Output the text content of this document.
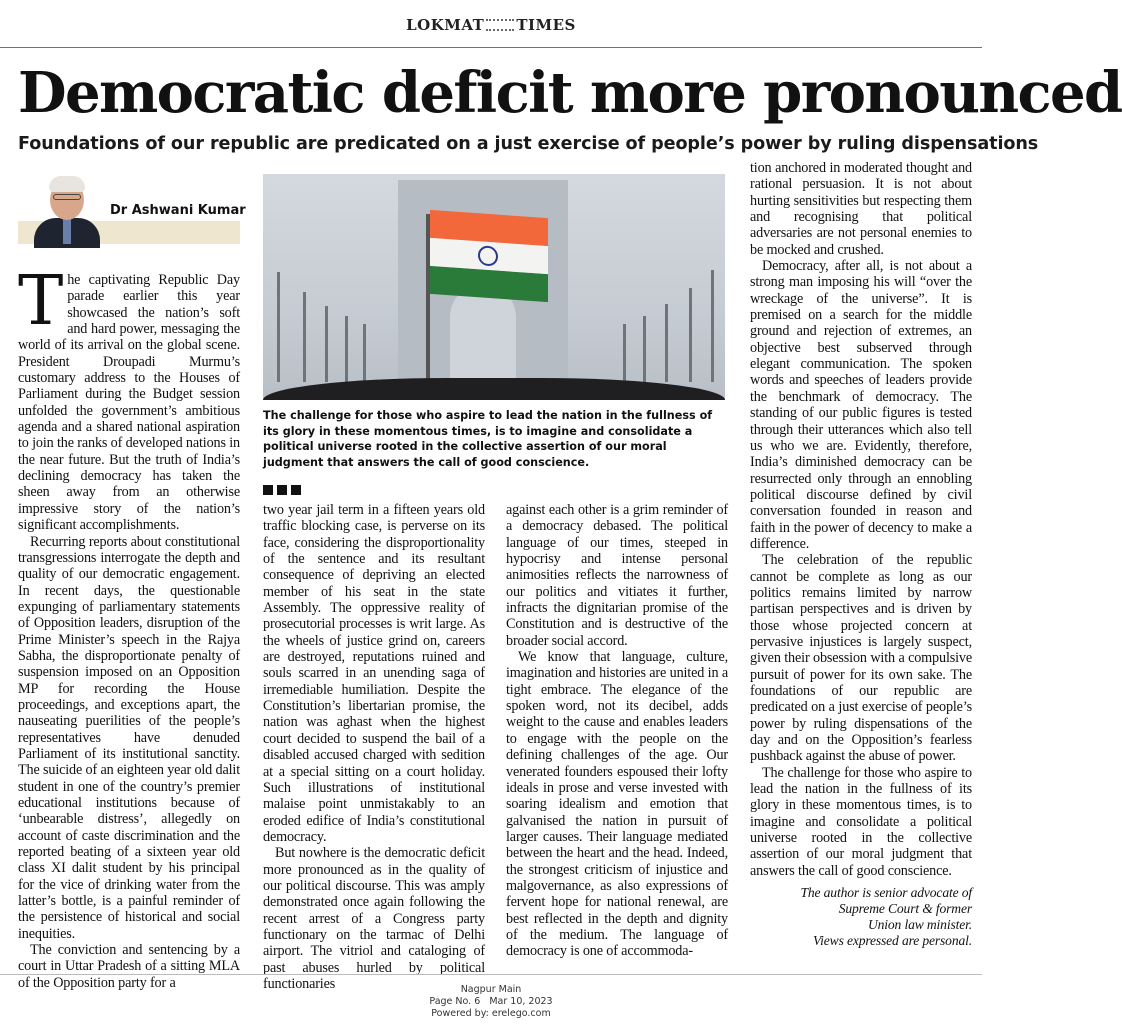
LOKMAT TIMES
Democratic deficit more pronounced
Foundations of our republic are predicated on a just exercise of people’s power by ruling dispensations
Dr Ashwani Kumar
The challenge for those who aspire to lead the nation in the fullness of its glory in these momentous times, is to imagine and consolidate a political universe rooted in the collective assertion of our moral judgment that answers the call of good conscience.

The captivating Republic Day parade earlier this year showcased the nation’s soft and hard power, messaging the world of its arrival on the global scene. President Droupadi Murmu’s customary address to the Houses of Parliament during the Budget session unfolded the government’s ambitious agenda and a shared national aspiration to join the ranks of developed nations in the near future. But the truth of India’s declining democracy has taken the sheen away from an otherwise impressive story of the nation’s significant accomplishments.

Recurring reports about constitutional transgressions interrogate the depth and quality of our democratic engagement. In recent days, the questionable expunging of parliamentary statements of Opposition leaders, disruption of the Prime Minister’s speech in the Rajya Sabha, the disproportionate penalty of suspension imposed on an Opposition MP for recording the House proceedings, and exceptions apart, the nauseating puerilities of the people’s representatives have denuded Parliament of its institutional sanctity. The suicide of an eighteen year old dalit student in one of the country’s premier educational institutions because of ‘unbearable distress’, allegedly on account of caste discrimination and the reported beating of a sixteen year old class XI dalit student by his principal for the vice of drinking water from the latter’s bottle, is a painful reminder of the persistence of historical and social inequities.

The conviction and sentencing by a court in Uttar Pradesh of a sitting MLA of the Opposition party for a

two year jail term in a fifteen years old traffic blocking case, is perverse on its face, considering the disproportionality of the sentence and its resultant consequence of depriving an elected member of his seat in the state Assembly. The oppressive reality of prosecutorial processes is writ large. As the wheels of justice grind on, careers are destroyed, reputations ruined and souls scarred in an unending saga of irremediable humiliation. Despite the Constitution’s libertarian promise, the nation was aghast when the highest court decided to suspend the bail of a disabled accused charged with sedition at a special sitting on a court holiday. Such illustrations of institutional malaise point unmistakably to an eroded edifice of India’s constitutional democracy.

But nowhere is the democratic deficit more pronounced as in the quality of our political discourse. This was amply demonstrated once again following the recent arrest of a Congress party functionary on the tarmac of Delhi airport. The vitriol and cataloging of past abuses hurled by political functionaries

against each other is a grim reminder of a democracy debased. The political language of our times, steeped in hypocrisy and intense personal animosities reflects the narrowness of our politics and vitiates it further, infracts the dignitarian promise of the Constitution and is destructive of the broader social accord.

We know that language, culture, imagination and histories are united in a tight embrace. The elegance of the spoken word, not its decibel, adds weight to the cause and enables leaders to engage with the people on the defining challenges of the age. Our venerated founders espoused their lofty ideals in prose and verse invested with soaring idealism and emotion that galvanised the nation in pursuit of larger causes. Their language mediated between the heart and the head. Indeed, the strongest criticism of injustice and malgovernance, as also expressions of fervent hope for national renewal, are best reflected in the depth and dignity of the medium. The language of democracy is one of accommoda-

tion anchored in moderated thought and rational persuasion. It is not about hurting sensitivities but respecting them and recognising that political adversaries are not personal enemies to be mocked and crushed.

Democracy, after all, is not about a strong man imposing his will “over the wreckage of the universe”. It is premised on a search for the middle ground and rejection of extremes, an objective best subserved through elegant communication. The spoken words and speeches of leaders provide the benchmark of democracy. The standing of our public figures is tested through their utterances which also tell us who we are. Evidently, therefore, India’s diminished democracy can be resurrected only through an ennobling political discourse defined by civil conversation founded in reason and faith in the power of decency to make a difference.

The celebration of the republic cannot be complete as long as our politics remains limited by narrow partisan perspectives and is driven by those whose projected concern at pervasive injustices is largely suspect, given their obsession with a compulsive pursuit of power for its own sake. The foundations of our republic are predicated on a just exercise of people’s power by ruling dispensations of the day and on the Opposition’s fearless pushback against the abuse of power.

The challenge for those who aspire to lead the nation in the fullness of its glory in these momentous times, is to imagine and consolidate a political universe rooted in the collective assertion of our moral judgment that answers the call of good conscience.

The author is senior advocate of
Supreme Court & former
Union law minister.
Views expressed are personal.
Nagpur Main
Page No. 6 Mar 10, 2023
Powered by: erelego.com
